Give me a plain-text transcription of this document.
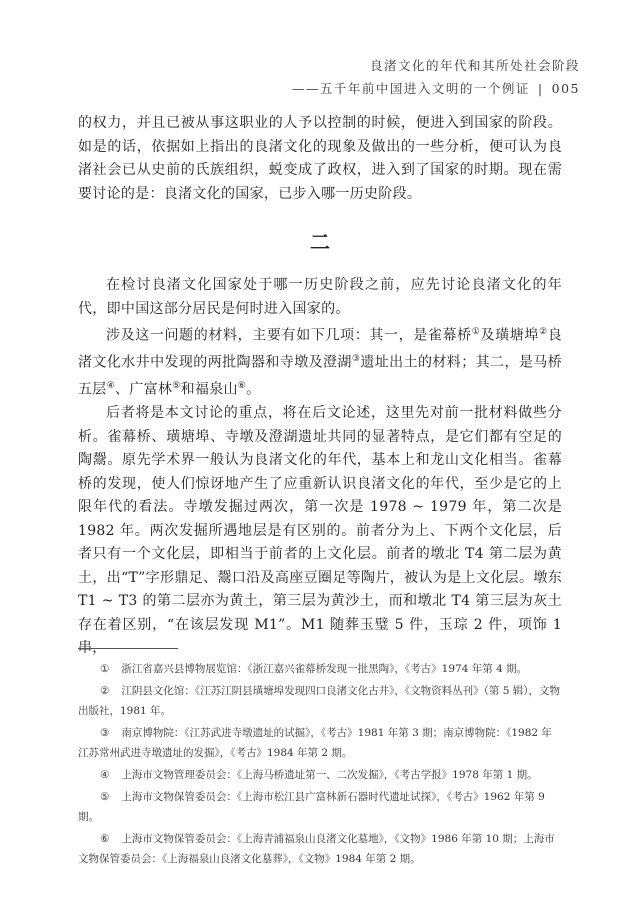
良渚文化的年代和其所处社会阶段
——五千年前中国进入文明的一个例证 | 005

的权力，并且已被从事这职业的人予以控制的时候，便进入到国家的阶段。如是的话，依据如上指出的良渚文化的现象及做出的一些分析，便可认为良渚社会已从史前的氏族组织，蜕变成了政权，进入到了国家的时期。现在需要讨论的是：良渚文化的国家，已步入哪一历史阶段。

二

在检讨良渚文化国家处于哪一历史阶段之前，应先讨论良渚文化的年代，即中国这部分居民是何时进入国家的。

涉及这一问题的材料，主要有如下几项：其一，是雀幕桥①及璜塘埠②良渚文化水井中发现的两批陶器和寺墩及澄湖③遗址出土的材料；其二，是马桥五层④、广富林⑤和福泉山⑥。

后者将是本文讨论的重点，将在后文论述，这里先对前一批材料做些分析。雀幕桥、璜塘埠、寺墩及澄湖遗址共同的显著特点，是它们都有空足的陶鬶。原先学术界一般认为良渚文化的年代，基本上和龙山文化相当。雀幕桥的发现，使人们惊讶地产生了应重新认识良渚文化的年代，至少是它的上限年代的看法。寺墩发掘过两次，第一次是 1978 ~ 1979 年，第二次是 1982 年。两次发掘所遇地层是有区别的。前者分为上、下两个文化层，后者只有一个文化层，即相当于前者的上文化层。前者的墩北 T4 第二层为黄土，出“T”字形鼎足、鬶口沿及高座豆圈足等陶片，被认为是上文化层。墩东 T1 ~ T3 的第二层亦为黄土，第三层为黄沙土，而和墩北 T4 第三层为灰土存在着区别，“在该层发现 M1”。M1 随葬玉璧 5 件，玉琮 2 件，项饰 1 串，

① 浙江省嘉兴县博物展览馆：《浙江嘉兴雀幕桥发现一批黑陶》，《考古》1974 年第 4 期。

② 江阴县文化馆：《江苏江阴县璜塘埠发现四口良渚文化古井》，《文物资料丛刊》（第 5 辑），文物出版社，1981 年。

③ 南京博物院：《江苏武进寺墩遗址的试掘》，《考古》1981 年第 3 期；南京博物院：《1982 年江苏常州武进寺墩遗址的发掘》，《考古》1984 年第 2 期。

④ 上海市文物管理委员会：《上海马桥遗址第一、二次发掘》，《考古学报》1978 年第 1 期。

⑤ 上海市文物保管委员会：《上海市松江县广富林新石器时代遗址试探》，《考古》1962 年第 9 期。

⑥ 上海市文物保管委员会：《上海青浦福泉山良渚文化墓地》，《文物》1986 年第 10 期；上海市文物保管委员会：《上海福泉山良渚文化墓葬》，《文物》1984 年第 2 期。
